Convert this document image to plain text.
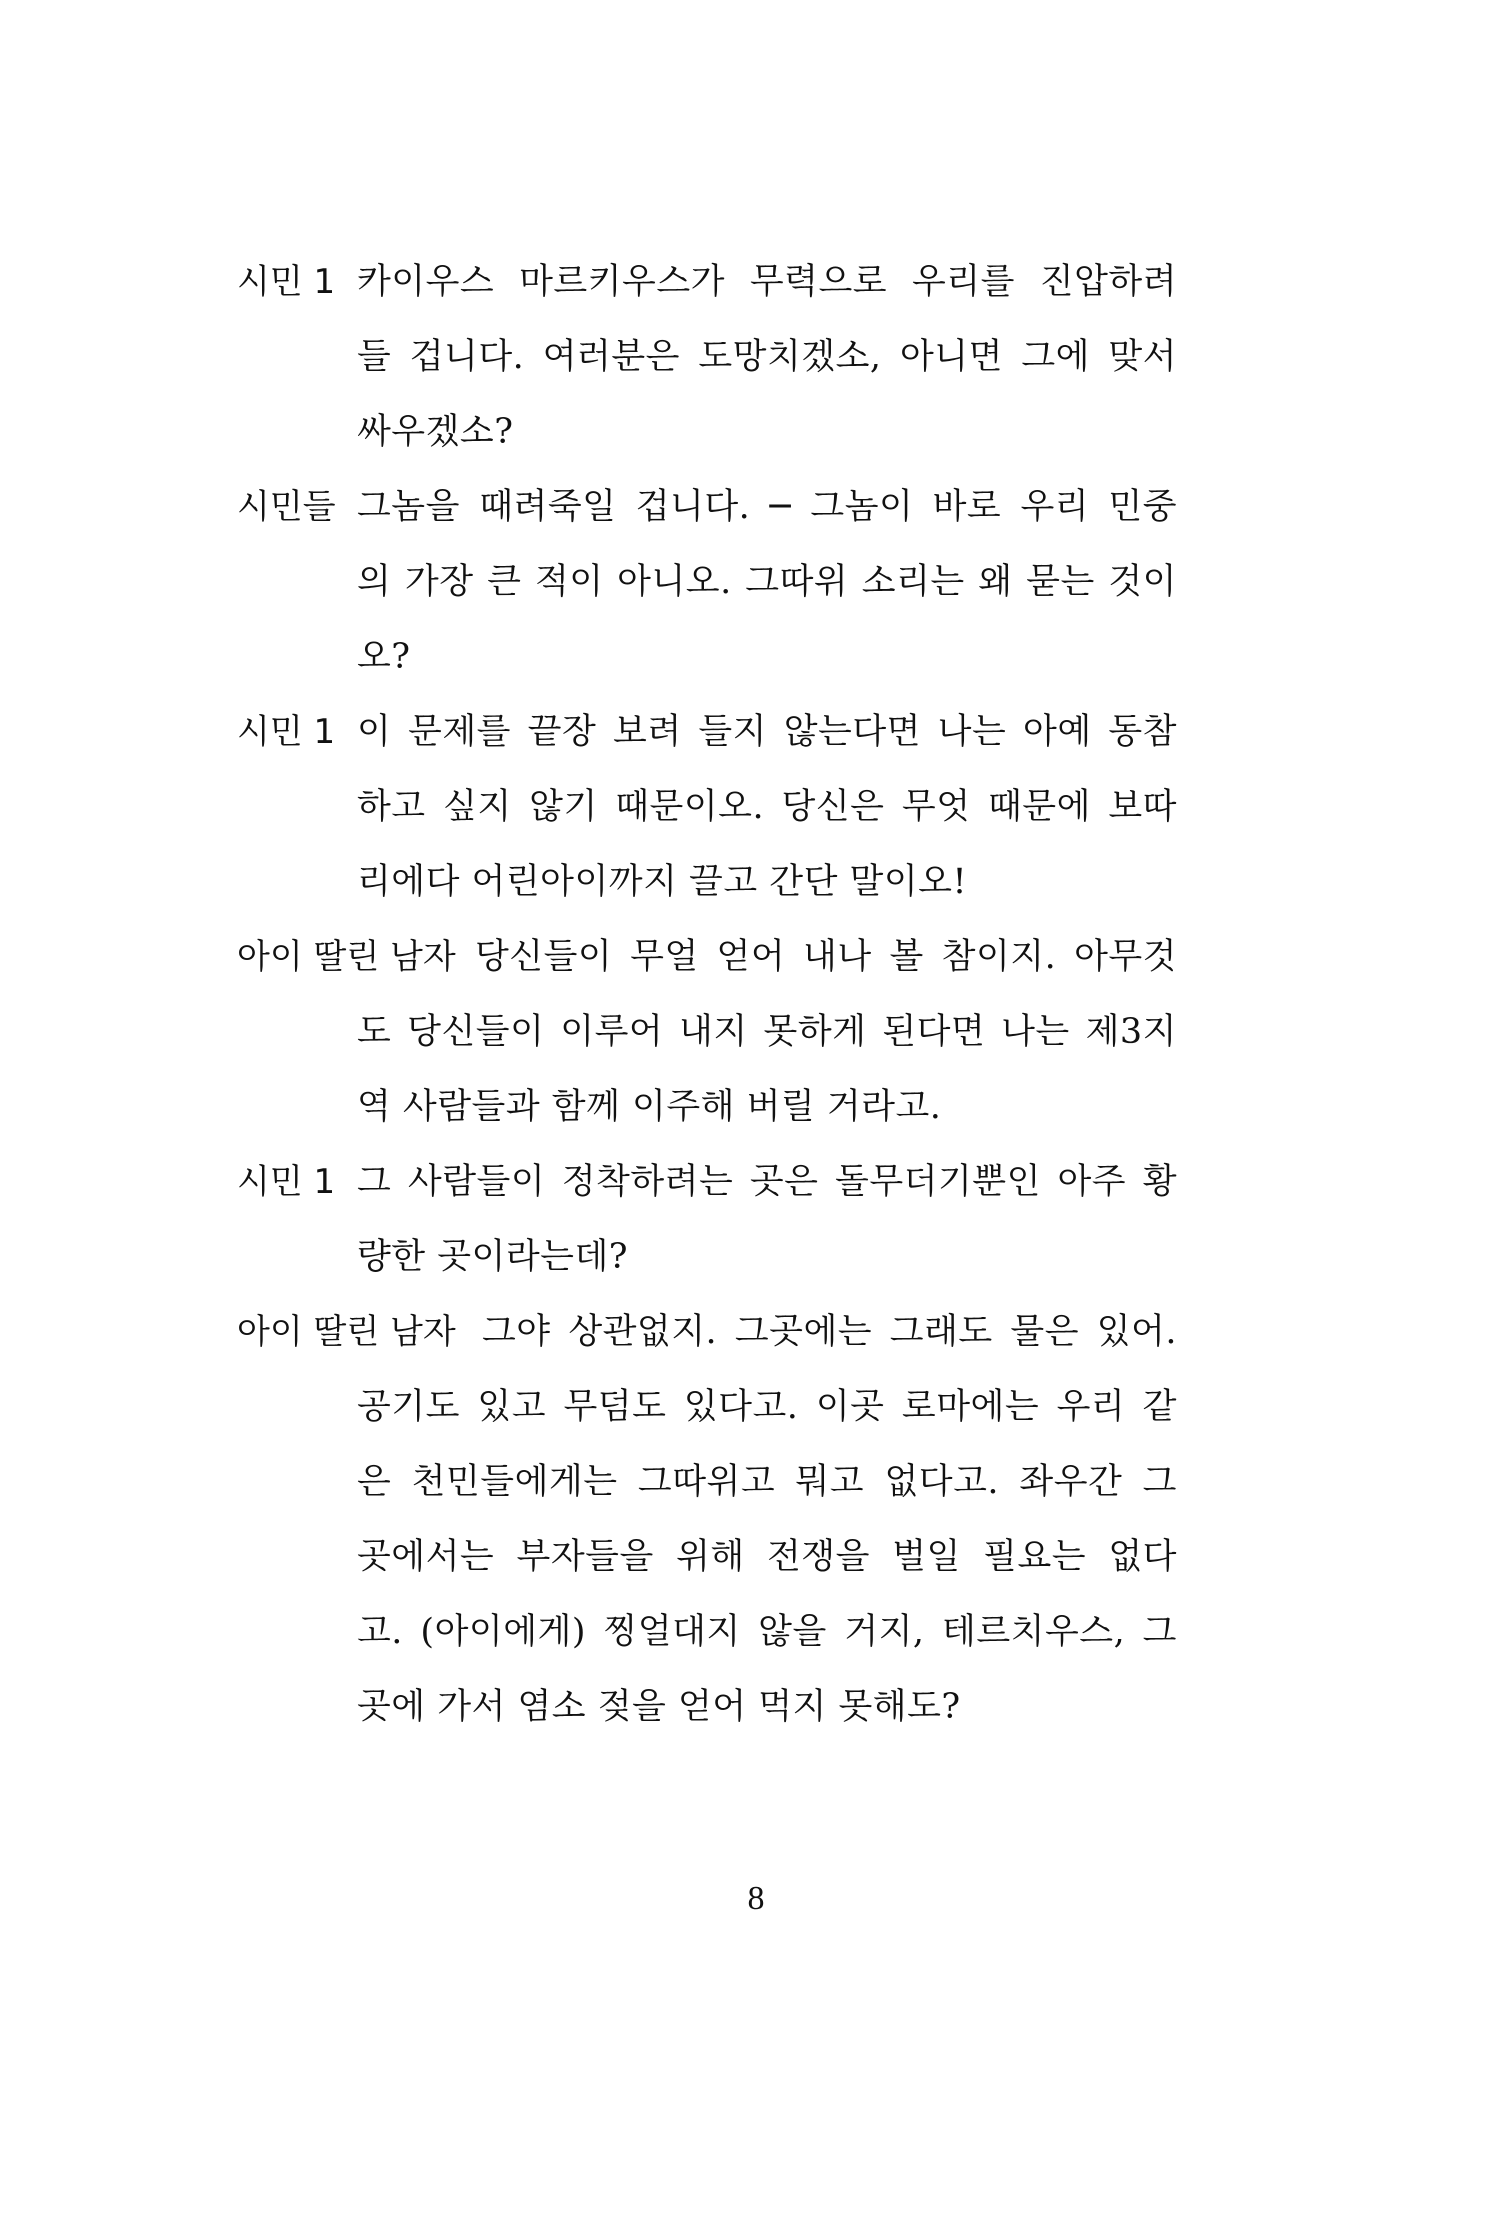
시민 1 카이우스 마르키우스가 무력으로 우리를 진압하려
들 겁니다. 여러분은 도망치겠소, 아니면 그에 맞서
싸우겠소?
시민들 그놈을 때려죽일 겁니다. ─ 그놈이 바로 우리 민중
의 가장 큰 적이 아니오. 그따위 소리는 왜 묻는 것이
오?
시민 1 이 문제를 끝장 보려 들지 않는다면 나는 아예 동참
하고 싶지 않기 때문이오. 당신은 무엇 때문에 보따
리에다 어린아이까지 끌고 간단 말이오!
아이 딸린 남자 당신들이 무얼 얻어 내나 볼 참이지. 아무것
도 당신들이 이루어 내지 못하게 된다면 나는 제3지
역 사람들과 함께 이주해 버릴 거라고.
시민 1 그 사람들이 정착하려는 곳은 돌무더기뿐인 아주 황
량한 곳이라는데?
아이 딸린 남자 그야 상관없지. 그곳에는 그래도 물은 있어.
공기도 있고 무덤도 있다고. 이곳 로마에는 우리 같
은 천민들에게는 그따위고 뭐고 없다고. 좌우간 그
곳에서는 부자들을 위해 전쟁을 벌일 필요는 없다
고. (아이에게) 찡얼대지 않을 거지, 테르치우스, 그
곳에 가서 염소 젖을 얻어 먹지 못해도?
8
